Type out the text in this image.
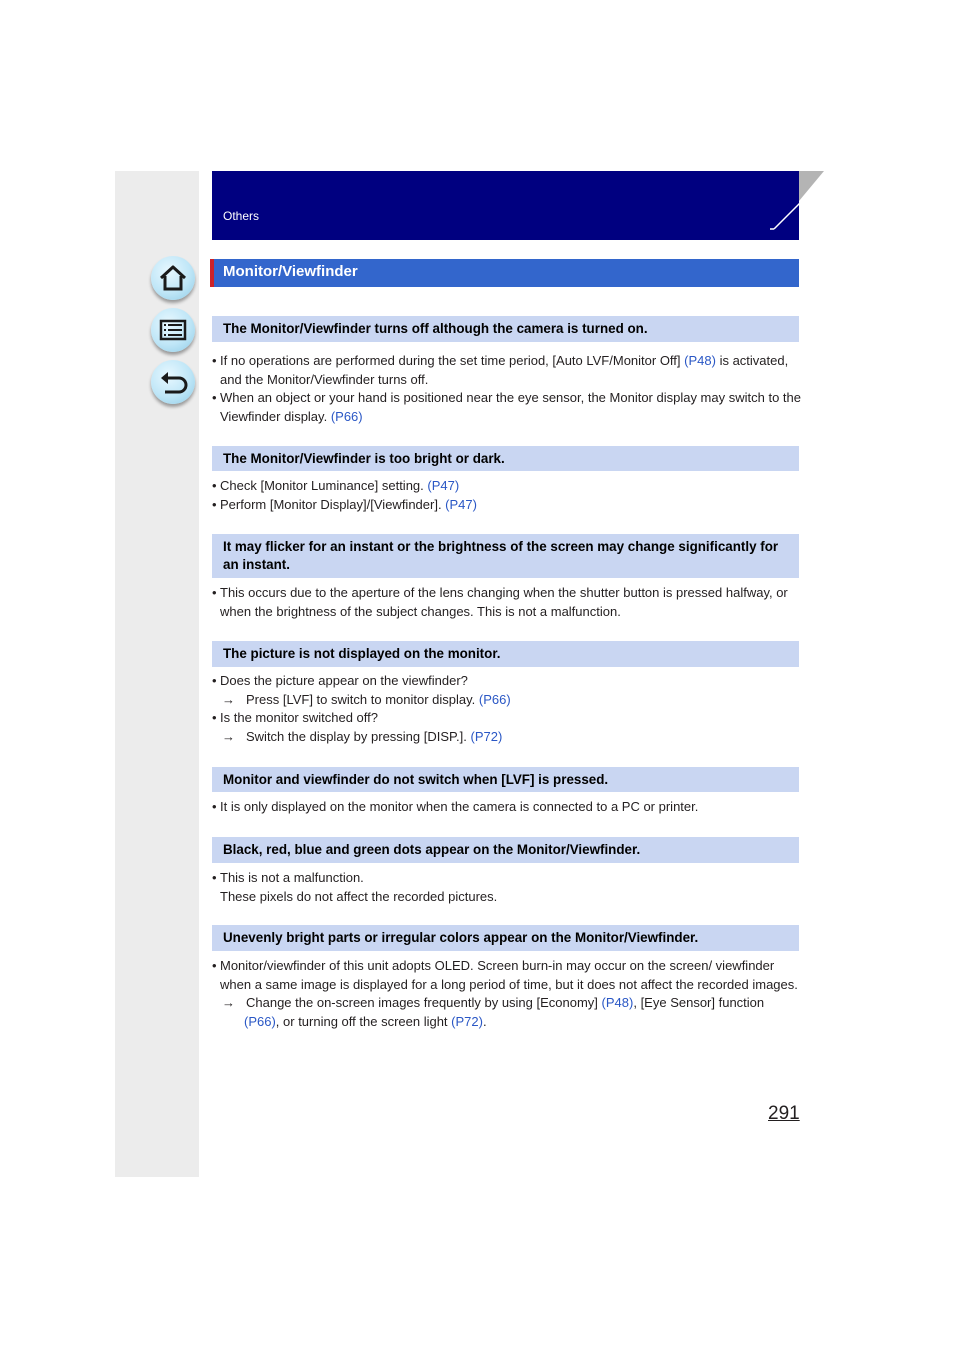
Others
Monitor/Viewfinder
The Monitor/Viewfinder turns off although the camera is turned on.
• If no operations are performed during the set time period, [Auto LVF/Monitor Off] (P48) is activated, and the Monitor/Viewfinder turns off.
• When an object or your hand is positioned near the eye sensor, the Monitor display may switch to the Viewfinder display. (P66)
The Monitor/Viewfinder is too bright or dark.
• Check [Monitor Luminance] setting. (P47)
• Perform [Monitor Display]/[Viewfinder]. (P47)
It may flicker for an instant or the brightness of the screen may change significantly for an instant.
• This occurs due to the aperture of the lens changing when the shutter button is pressed halfway, or when the brightness of the subject changes. This is not a malfunction.
The picture is not displayed on the monitor.
• Does the picture appear on the viewfinder?
→ Press [LVF] to switch to monitor display. (P66)
• Is the monitor switched off?
→ Switch the display by pressing [DISP.]. (P72)
Monitor and viewfinder do not switch when [LVF] is pressed.
• It is only displayed on the monitor when the camera is connected to a PC or printer.
Black, red, blue and green dots appear on the Monitor/Viewfinder.
• This is not a malfunction.
These pixels do not affect the recorded pictures.
Unevenly bright parts or irregular colors appear on the Monitor/Viewfinder.
• Monitor/viewfinder of this unit adopts OLED. Screen burn-in may occur on the screen/ viewfinder when a same image is displayed for a long period of time, but it does not affect the recorded images.
→ Change the on-screen images frequently by using [Economy] (P48), [Eye Sensor] function (P66), or turning off the screen light (P72).
291
